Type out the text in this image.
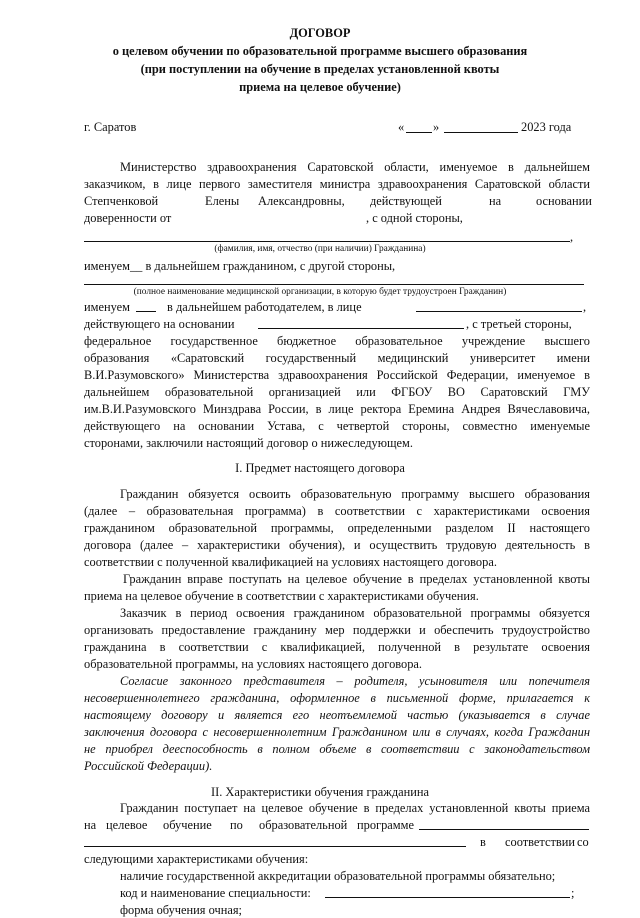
ДОГОВОР
о целевом обучении по образовательной программе высшего образования
(при поступлении на обучение в пределах установленной квоты
приема на целевое обучение)
г. Саратов	« »	2023 года
Министерство здравоохранения Саратовской области, именуемое в дальнейшем
заказчиком, в лице первого заместителя министра здравоохранения Саратовской области
Степченковой	Елены Александровны, действующей	на	основании
доверенности от	, с одной стороны,
,
(фамилия, имя, отчество (при наличии) Гражданина)
именуем__ в дальнейшем гражданином, с другой стороны,
(полное наименование медицинской организации, в которую будет трудоустроен Гражданин)
именуем	в дальнейшем работодателем, в лице	,
действующего на основании	, с третьей стороны,
федеральное государственное бюджетное образовательное учреждение высшего
образования «Саратовский государственный медицинский университет имени
В.И.Разумовского» Министерства здравоохранения Российской Федерации, именуемое в
дальнейшем образовательной организацией или ФГБОУ ВО Саратовский ГМУ
им.В.И.Разумовского Минздрава России, в лице ректора Еремина Андрея Вячеславовича,
действующего на основании Устава, с четвертой стороны, совместно именуемые
сторонами, заключили настоящий договор о нижеследующем.
I. Предмет настоящего договора
Гражданин обязуется освоить образовательную программу высшего образования
(далее – образовательная программа) в соответствии с характеристиками освоения
гражданином образовательной программы, определенными разделом II настоящего
договора (далее – характеристики обучения), и осуществить трудовую деятельность в
соответствии с полученной квалификацией на условиях настоящего договора.
Гражданин вправе поступать на целевое обучение в пределах установленной квоты
приема на целевое обучение в соответствии с характеристиками обучения.
Заказчик в период освоения гражданином образовательной программы обязуется
организовать предоставление гражданину мер поддержки и обеспечить трудоустройство
гражданина в соответствии с квалификацией, полученной в результате освоения
образовательной программы, на условиях настоящего договора.
Согласие законного представителя – родителя, усыновителя или попечителя
несовершеннолетнего гражданина, оформленное в письменной форме, прилагается к
настоящему договору и является его неотъемлемой частью (указывается в случае
заключения договора с несовершеннолетним Гражданином или в случаях, когда Гражданин
не приобрел дееспособность в полном объеме в соответствии с законодательством
Российской Федерации).
II. Характеристики обучения гражданина
Гражданин поступает на целевое обучение в пределах установленной квоты приема
на целевое обучение по образовательной программе
в соответствии со
следующими характеристиками обучения:
наличие государственной аккредитации образовательной программы обязательно;
код и наименование специальности:	;
форма обучения очная;
